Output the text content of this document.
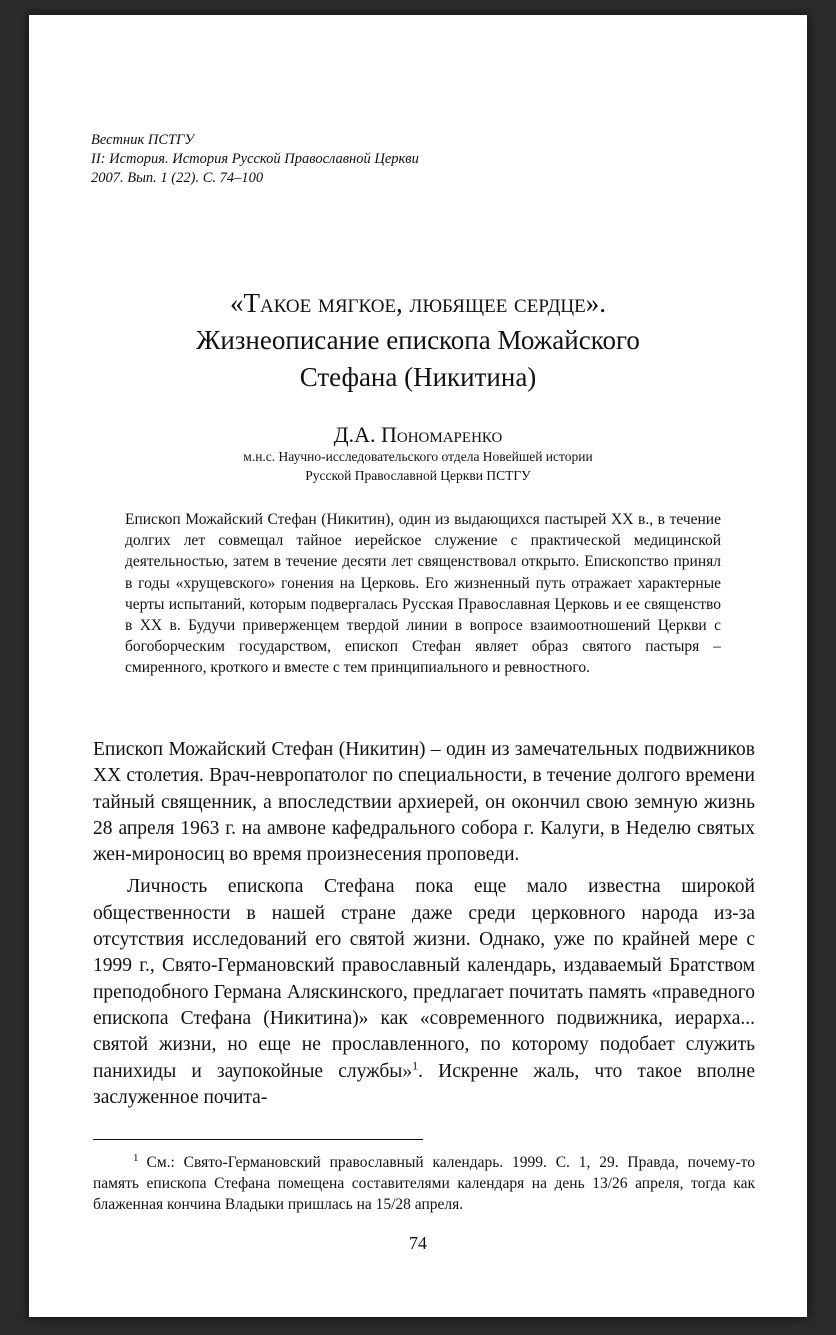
Вестник ПСТГУ
II: История. История Русской Православной Церкви
2007. Вып. 1 (22). С. 74–100
«Такое мягкое, любящее сердце».
Жизнеописание епископа Можайского
Стефана (Никитина)
Д.А. Пономаренко
м.н.с. Научно-исследовательского отдела Новейшей истории
Русской Православной Церкви ПСТГУ
Епископ Можайский Стефан (Никитин), один из выдающихся пастырей XX в., в течение долгих лет совмещал тайное иерейское служение с практической медицинской деятельностью, затем в течение десяти лет священствовал открыто. Епископство принял в годы «хрущевского» гонения на Церковь. Его жизненный путь отражает характерные черты испытаний, которым подвергалась Русская Православная Церковь и ее священство в XX в. Будучи приверженцем твердой линии в вопросе взаимоотношений Церкви с богоборческим государством, епископ Стефан являет образ святого пастыря – смиренного, кроткого и вместе с тем принципиального и ревностного.

Епископ Можайский Стефан (Никитин) – один из замечательных подвижников XX столетия. Врач-невропатолог по специальности, в течение долгого времени тайный священник, а впоследствии архиерей, он окончил свою земную жизнь 28 апреля 1963 г. на амвоне кафедрального собора г. Калуги, в Неделю святых жен-мироносиц во время произнесения проповеди.

Личность епископа Стефана пока еще мало известна широкой общественности в нашей стране даже среди церковного народа из-за отсутствия исследований его святой жизни. Однако, уже по крайней мере с 1999 г., Свято-Германовский православный календарь, издаваемый Братством преподобного Германа Аляскинского, предлагает почитать память «праведного епископа Стефана (Никитина)» как «современного подвижника, иерарха... святой жизни, но еще не прославленного, по которому подобает служить панихиды и заупокойные службы»$^1$. Искренне жаль, что такое вполне заслуженное почита-

$^1$ См.: Свято-Германовский православный календарь. 1999. С. 1, 29. Правда, почему-то память епископа Стефана помещена составителями календаря на день 13/26 апреля, тогда как блаженная кончина Владыки пришлась на 15/28 апреля.
74
